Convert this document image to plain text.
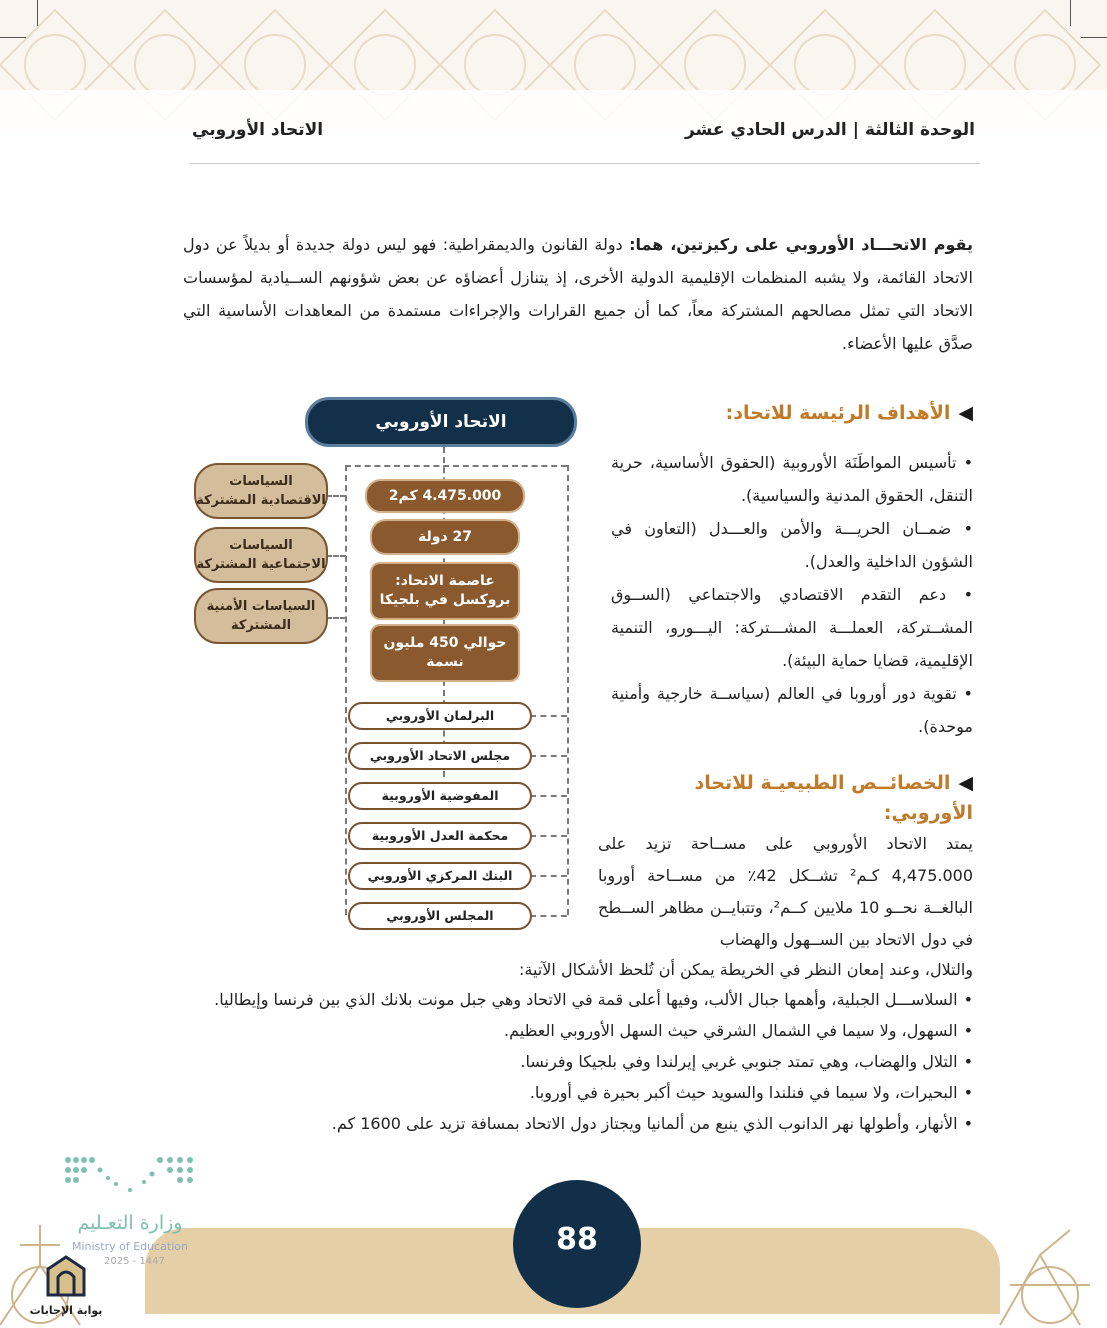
الوحدة الثالثة|الدرس الحادي عشر
الاتحاد الأوروبي
يقوم الاتحـــاد الأوروبي على ركيزتين، هما: دولة القانون والديمقراطية: فهو ليس دولة جديدة أو بديلاً عن دول الاتحاد القائمة، ولا يشبه المنظمات الإقليمية الدولية الأخرى، إذ يتنازل أعضاؤه عن بعض شؤونهم الســيادية لمؤسسات الاتحاد التي تمثل مصالحهم المشتركة معاً، كما أن جميع القرارات والإجراءات مستمدة من المعاهدات الأساسية التي صدَّق عليها الأعضاء.
◀الأهداف الرئيسة للاتحاد:

• تأسيس المواطَنَة الأوروبية (الحقوق الأساسية، حرية التنقل، الحقوق المدنية والسياسية).

• ضمــان الحريـــة والأمن والعـــدل (التعاون في الشؤون الداخلية والعدل).

• دعم التقدم الاقتصادي والاجتماعي (الســوق المشــتركة، العملـــة المشـــتركة: اليـــورو، التنمية الإقليمية، قضايا حماية البيئة).

• تقوية دور أوروبا في العالم (سياســة خارجية وأمنية موحدة).

◀الخصائــص الطبيعيـة للاتحاد الأوروبي:
يمتد الاتحاد الأوروبي على مســاحة تزيد على 4,475.000 كـم² تشــكل 42٪ من مســاحة أوروبا البالغــة نحــو 10 ملايين كــم²، وتتبايــن مظاهر الســطح في دول الاتحاد بين الســهول والهضاب
والتلال، وعند إمعان النظر في الخريطة يمكن أن تُلحظ الأشكال الآتية:
•السلاســـل الجبلية، وأهمها جبال الألب، وفيها أعلى قمة في الاتحاد وهي جبل مونت بلانك الذي بين فرنسا وإيطاليا.
•السهول، ولا سيما في الشمال الشرقي حيث السهل الأوروبي العظيم.
•التلال والهضاب، وهي تمتد جنوبي غربي إيرلندا وفي بلجيكا وفرنسا.
•البحيرات، ولا سيما في فنلندا والسويد حيث أكبر بحيرة في أوروبا.
•الأنهار، وأطولها نهر الدانوب الذي ينبع من ألمانيا ويجتاز دول الاتحاد بمسافة تزيد على 1600 كم.
الاتحاد الأوروبي
4.475.000 كم2
27 دولة
عاصمة الاتحاد: بروكسل في بلجيكا
حوالي 450 مليون نسمة
السياسات الاقتصادية المشتركة
السياسات الاجتماعية المشتركة
السياسات الأمنية المشتركة
البرلمان الأوروبي
مجلس الاتحاد الأوروبي
المفوضية الأوروبية
محكمة العدل الأوروبية
البنك المركزي الأوروبي
المجلس الأوروبي
88
وزارة التعـليم
Ministry of Education
2025 - 1447
بوابة الإجابات
